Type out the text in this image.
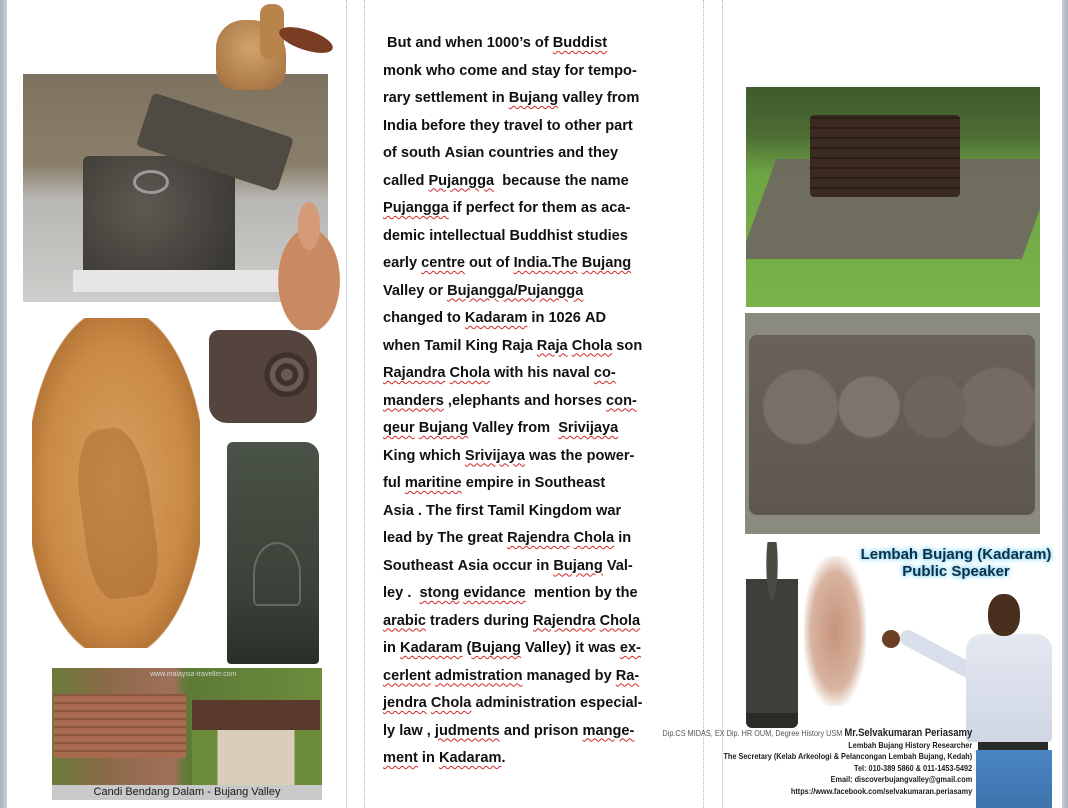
www.malaysia-traveller.com
Candi Bendang Dalam - Bujang Valley
But and when 1000’s of Buddist
monk who come and stay for tempo-
rary settlement in Bujang valley from
India before they travel to other part
of south Asian countries and they
called Pujangga  because the name
Pujangga if perfect for them as aca-
demic intellectual Buddhist studies
early centre out of India.The Bujang
Valley or Bujangga/Pujangga
changed to Kadaram in 1026 AD
when Tamil King Raja Raja Chola son
Rajandra Chola with his naval co-
manders ,elephants and horses con-
qeur Bujang Valley from  Srivijaya
King which Srivijaya was the power-
ful maritine empire in Southeast
Asia . The first Tamil Kingdom war
lead by The great Rajendra Chola in
Southeast Asia occur in Bujang Val-
ley .  stong evidance  mention by the
arabic traders during Rajendra Chola
in Kadaram (Bujang Valley) it was ex-
cerlent admistration managed by Ra-
jendra Chola administration especial-
ly law , judments and prison mange-
ment in Kadaram.
Lembah Bujang (Kadaram)
Public Speaker
Dip.CS MIDAS, EX Dip. HR OUM, Degree History USM Mr.Selvakumaran Periasamy
Lembah Bujang History Researcher
The Secretary (Kelab Arkeologi & Pelancongan Lembah Bujang, Kedah)
Tel: 010-389 5860 & 011-1453-5492
Email: discoverbujangvalley@gmail.com
https://www.facebook.com/selvakumaran.periasamy
